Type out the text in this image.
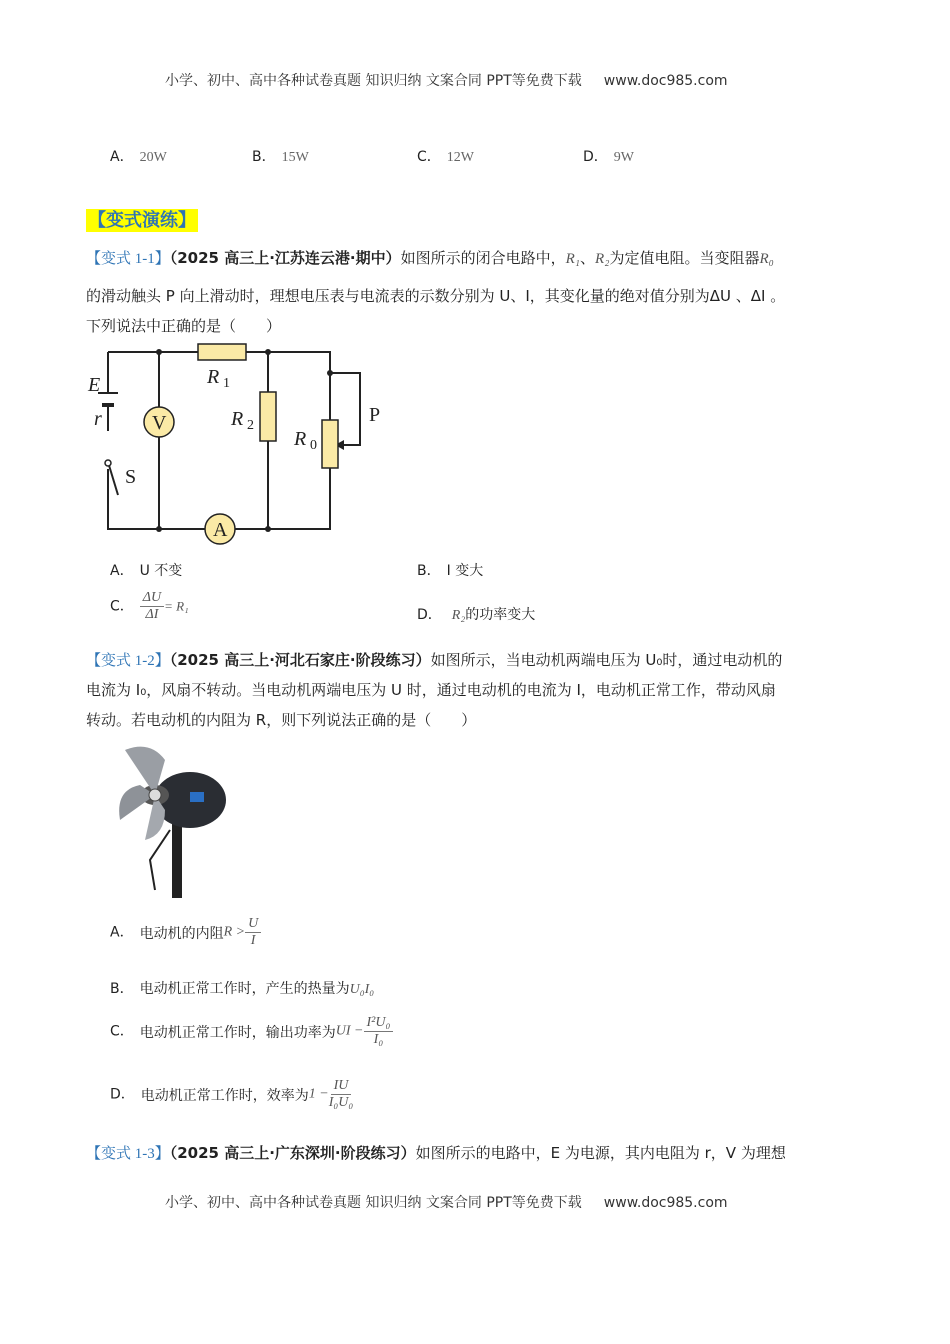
小学、初中、高中各种试卷真题 知识归纳 文案合同 PPT等免费下载 www.doc985.com
A． 20W	B． 15W	C． 12W	D． 9W
【变式演练】
【变式 1-1】（2025 高三上·江苏连云港·期中）如图所示的闭合电路中，R₁、R₂为定值电阻。当变阻器R₀
的滑动触头 P 向上滑动时，理想电压表与电流表的示数分别为 U、I，其变化量的绝对值分别为ΔU 、ΔI 。
下列说法中正确的是（　　）
E
r
S
V
A
R 1
R 2
R 0
P
A． U 不变	B． I 变大
C． $\frac{\Delta U}{\Delta I} = R_1$
D． R₂的功率变大
【变式 1-2】（2025 高三上·河北石家庄·阶段练习）如图所示，当电动机两端电压为 U₀时，通过电动机的
电流为 I₀，风扇不转动。当电动机两端电压为 U 时，通过电动机的电流为 I，电动机正常工作，带动风扇
转动。若电动机的内阻为 R，则下列说法正确的是（　　）
A． 电动机的内阻$R > \frac{U}{I}$
B． 电动机正常工作时，产生的热量为U₀I₀
C． 电动机正常工作时，输出功率为UI − $\frac{\text{I²U₀}}{\text{I₀}}$
D． 电动机正常工作时，效率为$1 - \frac{IU}{\text{I₀U₀}}$
【变式 1-3】（2025 高三上·广东深圳·阶段练习）如图所示的电路中，E 为电源，其内电阻为 r，V 为理想
小学、初中、高中各种试卷真题 知识归纳 文案合同 PPT等免费下载 www.doc985.com
